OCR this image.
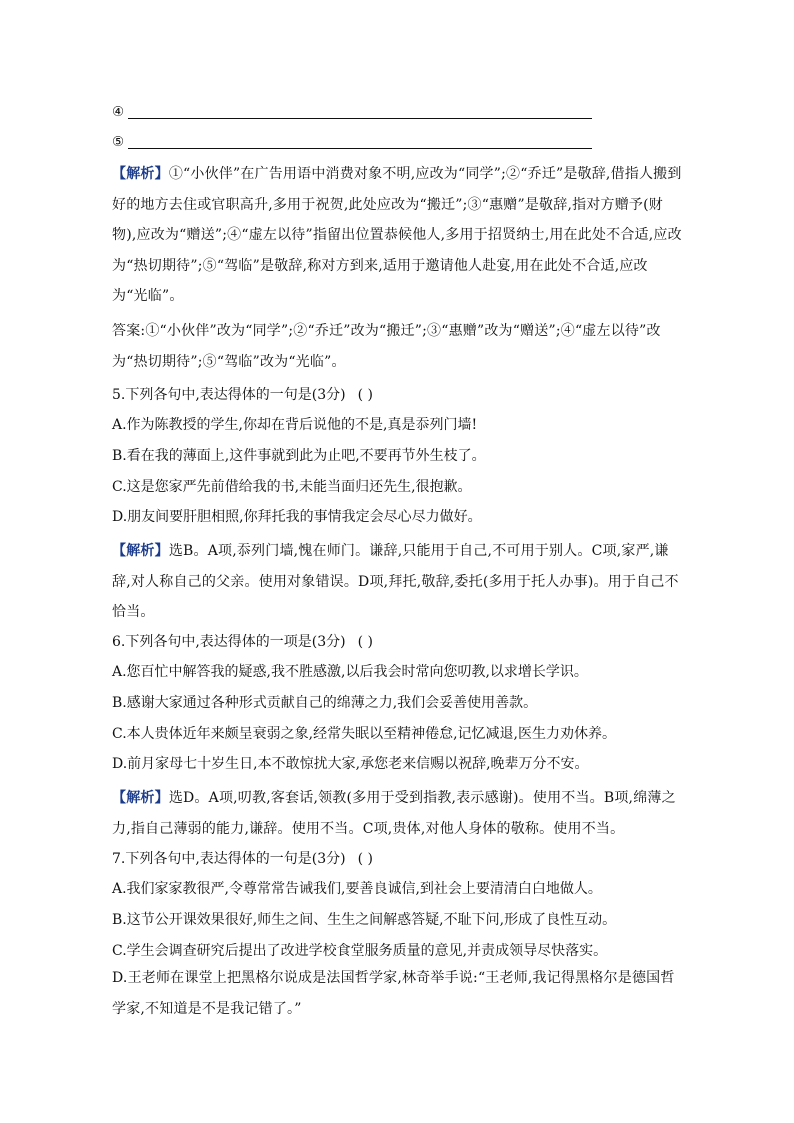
④
⑤

【解析】①“小伙伴”在广告用语中消费对象不明,应改为“同学”;②“乔迁”是敬辞,借指人搬到好的地方去住或官职高升,多用于祝贺,此处应改为“搬迁”;③“惠赠”是敬辞,指对方赠予(财物),应改为“赠送”;④“虚左以待”指留出位置恭候他人,多用于招贤纳士,用在此处不合适,应改为“热切期待”;⑤“驾临”是敬辞,称对方到来,适用于邀请他人赴宴,用在此处不合适,应改为“光临”。

答案:①“小伙伴”改为“同学”;②“乔迁”改为“搬迁”;③“惠赠”改为“赠送”;④“虚左以待”改为“热切期待”;⑤“驾临”改为“光临”。

5.下列各句中,表达得体的一句是(3分) ( )
A.作为陈教授的学生,你却在背后说他的不是,真是忝列门墙!
B.看在我的薄面上,这件事就到此为止吧,不要再节外生枝了。
C.这是您家严先前借给我的书,未能当面归还先生,很抱歉。
D.朋友间要肝胆相照,你拜托我的事情我定会尽心尽力做好。

【解析】选B。A项,忝列门墙,愧在师门。谦辞,只能用于自己,不可用于别人。C项,家严,谦辞,对人称自己的父亲。使用对象错误。D项,拜托,敬辞,委托(多用于托人办事)。用于自己不恰当。

6.下列各句中,表达得体的一项是(3分) ( )
A.您百忙中解答我的疑惑,我不胜感激,以后我会时常向您叨教,以求增长学识。
B.感谢大家通过各种形式贡献自己的绵薄之力,我们会妥善使用善款。
C.本人贵体近年来颇呈衰弱之象,经常失眠以至精神倦怠,记忆减退,医生力劝休养。
D.前月家母七十岁生日,本不敢惊扰大家,承您老来信赐以祝辞,晚辈万分不安。

【解析】选D。A项,叨教,客套话,领教(多用于受到指教,表示感谢)。使用不当。B项,绵薄之力,指自己薄弱的能力,谦辞。使用不当。C项,贵体,对他人身体的敬称。使用不当。

7.下列各句中,表达得体的一句是(3分) ( )
A.我们家家教很严,令尊常常告诫我们,要善良诚信,到社会上要清清白白地做人。
B.这节公开课效果很好,师生之间、生生之间解惑答疑,不耻下问,形成了良性互动。
C.学生会调查研究后提出了改进学校食堂服务质量的意见,并责成领导尽快落实。

D.王老师在课堂上把黑格尔说成是法国哲学家,林奇举手说:“王老师,我记得黑格尔是德国哲学家,不知道是不是我记错了。”
